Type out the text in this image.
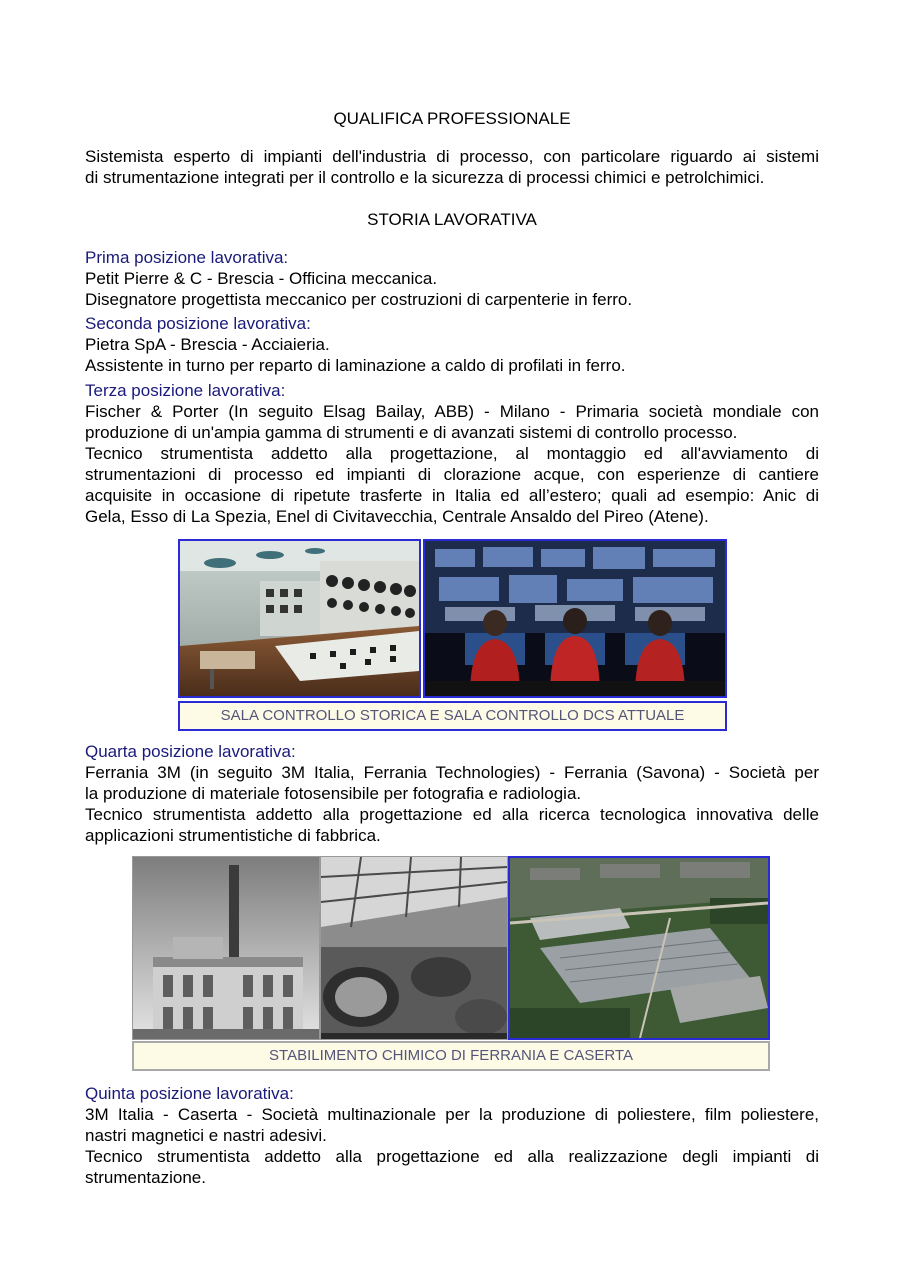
QUALIFICA PROFESSIONALE
Sistemista esperto di impianti dell'industria di processo, con particolare riguardo ai sistemi
di strumentazione integrati per il controllo e la sicurezza di processi chimici e petrolchimici.
STORIA LAVORATIVA
Prima posizione lavorativa:
Petit Pierre & C - Brescia - Officina meccanica.
Disegnatore progettista meccanico per costruzioni di carpenterie in ferro.
Seconda posizione lavorativa:
Pietra SpA - Brescia - Acciaieria.
Assistente in turno per reparto di laminazione a caldo di profilati in ferro.
Terza posizione lavorativa:
Fischer & Porter (In seguito Elsag Bailay, ABB) - Milano - Primaria società mondiale con
produzione di un'ampia gamma di strumenti e di avanzati sistemi di controllo processo.
Tecnico strumentista addetto alla progettazione, al montaggio ed all'avviamento di
strumentazioni di processo ed impianti di clorazione acque, con esperienze di cantiere
acquisite in occasione di ripetute trasferte in Italia ed all’estero; quali ad esempio: Anic di
Gela, Esso di La Spezia, Enel di Civitavecchia, Centrale Ansaldo del Pireo (Atene).
SALA CONTROLLO STORICA E SALA CONTROLLO DCS ATTUALE
Quarta posizione lavorativa:
Ferrania 3M (in seguito 3M Italia, Ferrania Technologies) - Ferrania (Savona) - Società per
la produzione di materiale fotosensibile per fotografia e radiologia.
Tecnico strumentista addetto alla progettazione ed alla ricerca tecnologica innovativa delle
applicazioni strumentistiche di fabbrica.
STABILIMENTO CHIMICO DI FERRANIA E CASERTA
Quinta posizione lavorativa:
3M Italia - Caserta - Società multinazionale per la produzione di poliestere, film poliestere,
nastri magnetici e nastri adesivi.
Tecnico strumentista addetto alla progettazione ed alla realizzazione degli impianti di
strumentazione.
